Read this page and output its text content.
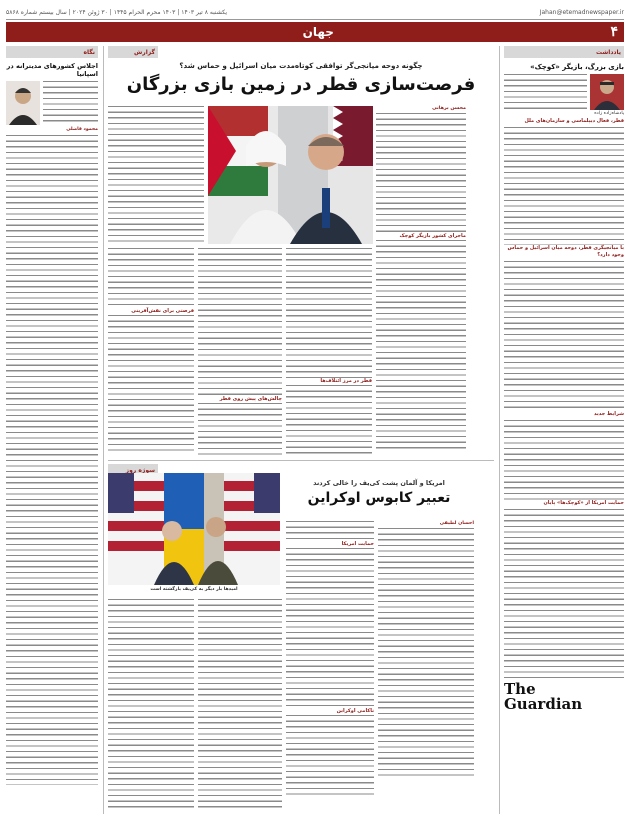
Jahan@etemadnewspaper.ir
یکشنبه ۸ تیر ۱۴۰۳ | ۱۴۰۳ محرم الحرام ۱۴۴۵ | ۳۰ ژوئن ۲۰۲۴ | سال بیستم شماره ۵۸۶۸
۴
جهان
یادداشت
بازی بزرگ، بازیگر «کوچک»
پادشاه‌زاده زاده
قطر، فعال دیپلماسی و سازمان‌های ملل
با میانجیگری قطر، دوحه میان اسرائیل و حماس وجود دارد؟
شرایط جدید
حمایت امریکا از «کوچک‌ها» پایان
The
Guardian
نگاه
اجلاس کشورهای مدیترانه در اسپانیا
محمود فاضلی
گزارش
چگونه دوحه میانجی‌گر توافقی کوتاه‌مدت میان اسرائیل و حماس شد؟
فرصت‌سازی قطر در زمین بازی بزرگان
محسن برهانی
ماجرای کشور بازیگر کوچک
قطر در مرز ائتلاف‌ها
چالش‌های پیش روی قطر
فرصتی برای نقش‌آفرینی
سوژه روز
امریکا و آلمان پشت کی‌یف را خالی کردند
تعبیر کابوس اوکراین
امیدها بار دیگر به کی‌یف بازگشته است
احسان لطیفی
حمایت امریکا
ناکامی اوکراین
